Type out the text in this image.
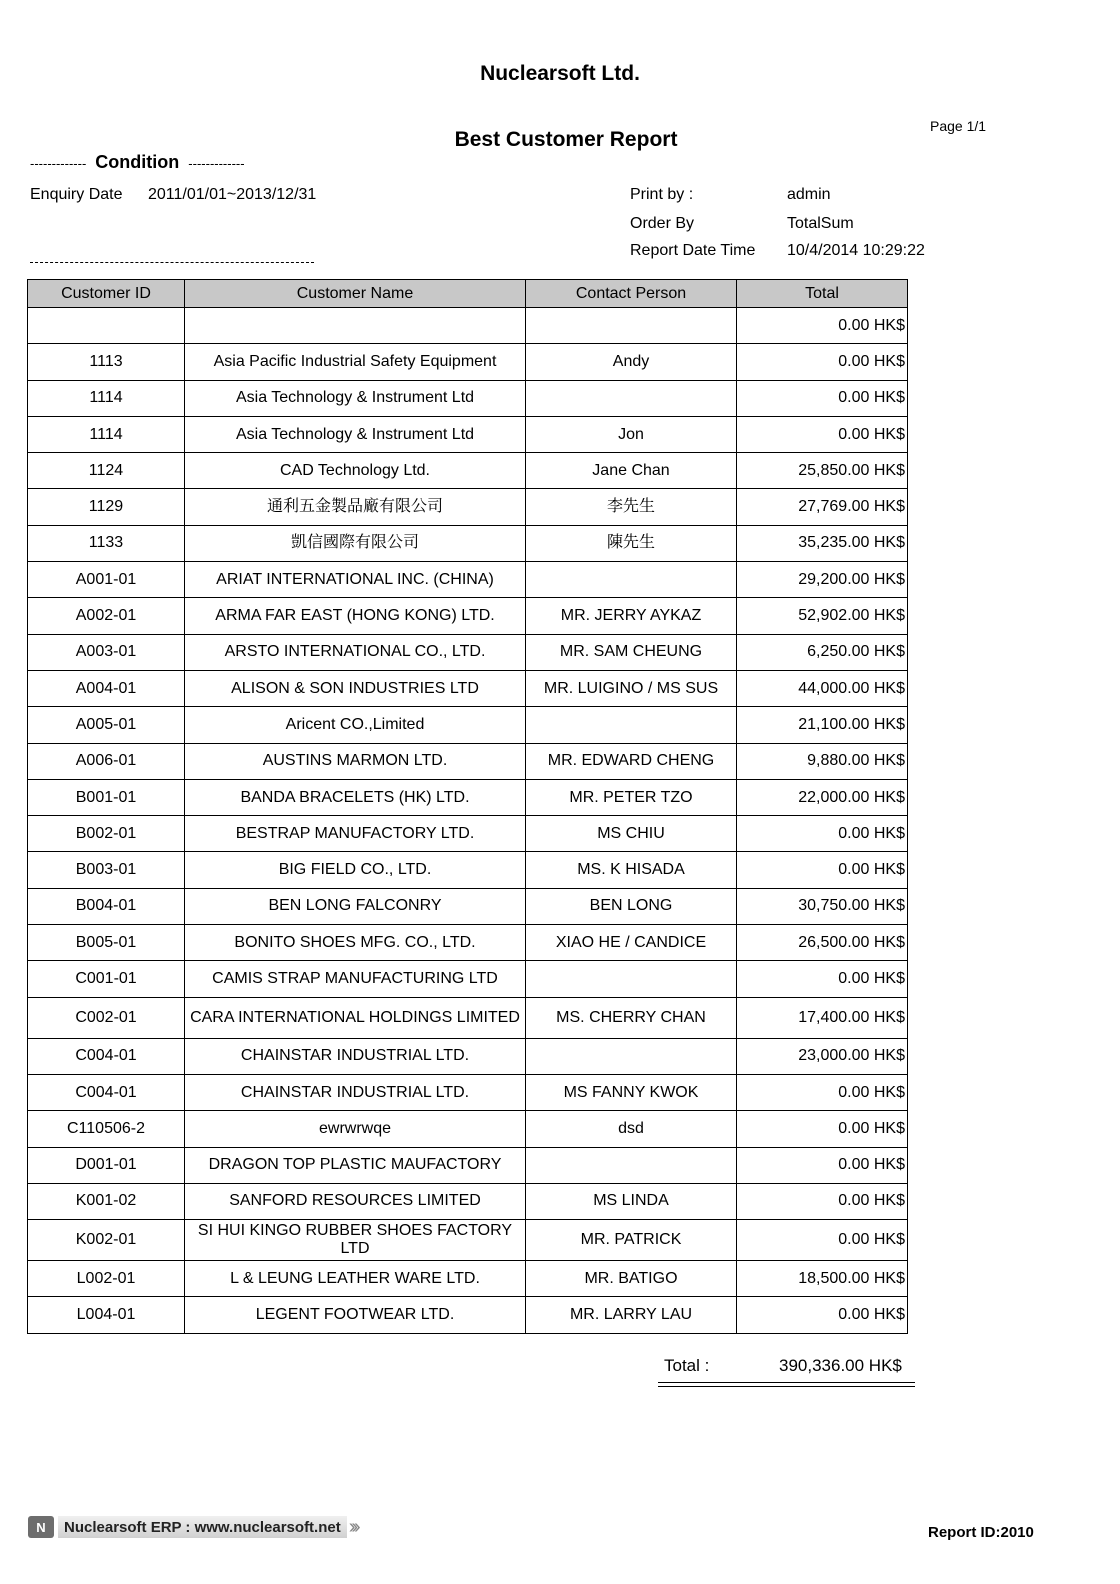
Nuclearsoft Ltd.
Best Customer Report
Page 1/1
------------- Condition -------------
Enquiry Date 2011/01/01~2013/12/31	Print by :	admin
Order By	TotalSum
Report Date Time 10/4/2014 10:29:22
Customer ID	Customer Name	Contact Person	Total
			0.00 HK$
1113	Asia Pacific Industrial Safety Equipment	Andy	0.00 HK$
1114	Asia Technology & Instrument Ltd		0.00 HK$
1114	Asia Technology & Instrument Ltd	Jon	0.00 HK$
1124	CAD Technology Ltd.	Jane Chan	25,850.00 HK$
1129	通利五金製品廠有限公司	李先生	27,769.00 HK$
1133	凱信國際有限公司	陳先生	35,235.00 HK$
A001-01	ARIAT INTERNATIONAL INC. (CHINA)		29,200.00 HK$
A002-01	ARMA FAR EAST (HONG KONG) LTD.	MR. JERRY AYKAZ	52,902.00 HK$
A003-01	ARSTO INTERNATIONAL CO., LTD.	MR. SAM CHEUNG	6,250.00 HK$
A004-01	ALISON & SON INDUSTRIES LTD	MR. LUIGINO / MS SUS	44,000.00 HK$
A005-01	Aricent CO.,Limited		21,100.00 HK$
A006-01	AUSTINS MARMON LTD.	MR. EDWARD CHENG	9,880.00 HK$
B001-01	BANDA BRACELETS (HK) LTD.	MR. PETER TZO	22,000.00 HK$
B002-01	BESTRAP MANUFACTORY LTD.	MS CHIU	0.00 HK$
B003-01	BIG FIELD CO., LTD.	MS. K HISADA	0.00 HK$
B004-01	BEN LONG FALCONRY	BEN LONG	30,750.00 HK$
B005-01	BONITO SHOES MFG. CO., LTD.	XIAO HE / CANDICE	26,500.00 HK$
C001-01	CAMIS STRAP MANUFACTURING LTD		0.00 HK$
C002-01	CARA INTERNATIONAL HOLDINGS LIMITED	MS. CHERRY CHAN	17,400.00 HK$
C004-01	CHAINSTAR INDUSTRIAL LTD.		23,000.00 HK$
C004-01	CHAINSTAR INDUSTRIAL LTD.	MS FANNY KWOK	0.00 HK$
C110506-2	ewrwrwqe	dsd	0.00 HK$
D001-01	DRAGON TOP PLASTIC MAUFACTORY		0.00 HK$
K001-02	SANFORD RESOURCES LIMITED	MS LINDA	0.00 HK$
K002-01	SI HUI KINGO RUBBER SHOES FACTORY LTD	MR. PATRICK	0.00 HK$
L002-01	L & LEUNG LEATHER WARE LTD.	MR. BATIGO	18,500.00 HK$
L004-01	LEGENT FOOTWEAR LTD.	MR. LARRY LAU	0.00 HK$
Total :	390,336.00 HK$
N	Nuclearsoft ERP : www.nuclearsoft.net ›››	Report ID:2010
